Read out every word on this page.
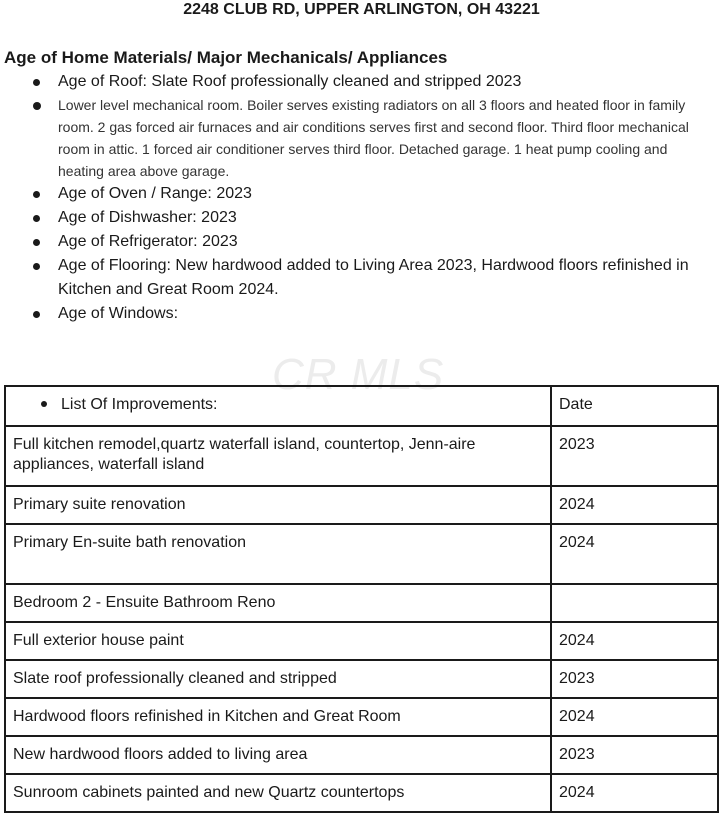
2248 CLUB RD, UPPER ARLINGTON, OH 43221
Age of Home Materials/ Major Mechanicals/ Appliances
Age of Roof: Slate Roof professionally cleaned and stripped 2023
Lower level mechanical room. Boiler serves existing radiators on all 3 floors and heated floor in family room. 2 gas forced air furnaces and air conditions serves first and second floor. Third floor mechanical room in attic. 1 forced air conditioner serves third floor. Detached garage. 1 heat pump cooling and heating area above garage.
Age of Oven / Range: 2023
Age of Dishwasher: 2023
Age of Refrigerator: 2023
Age of Flooring: New hardwood added to Living Area 2023, Hardwood floors refinished in Kitchen and Great Room 2024.
Age of Windows:
CR MLS
List Of Improvements:	Date
Full kitchen remodel,quartz waterfall island, countertop, Jenn-aire appliances, waterfall island	2023
Primary suite renovation	2024
Primary En-suite bath renovation	2024
Bedroom 2 - Ensuite Bathroom Reno	
Full exterior house paint	2024
Slate roof professionally cleaned and stripped	2023
Hardwood floors refinished in Kitchen and Great Room	2024
New hardwood floors added to living area	2023
Sunroom cabinets painted and new Quartz countertops	2024
